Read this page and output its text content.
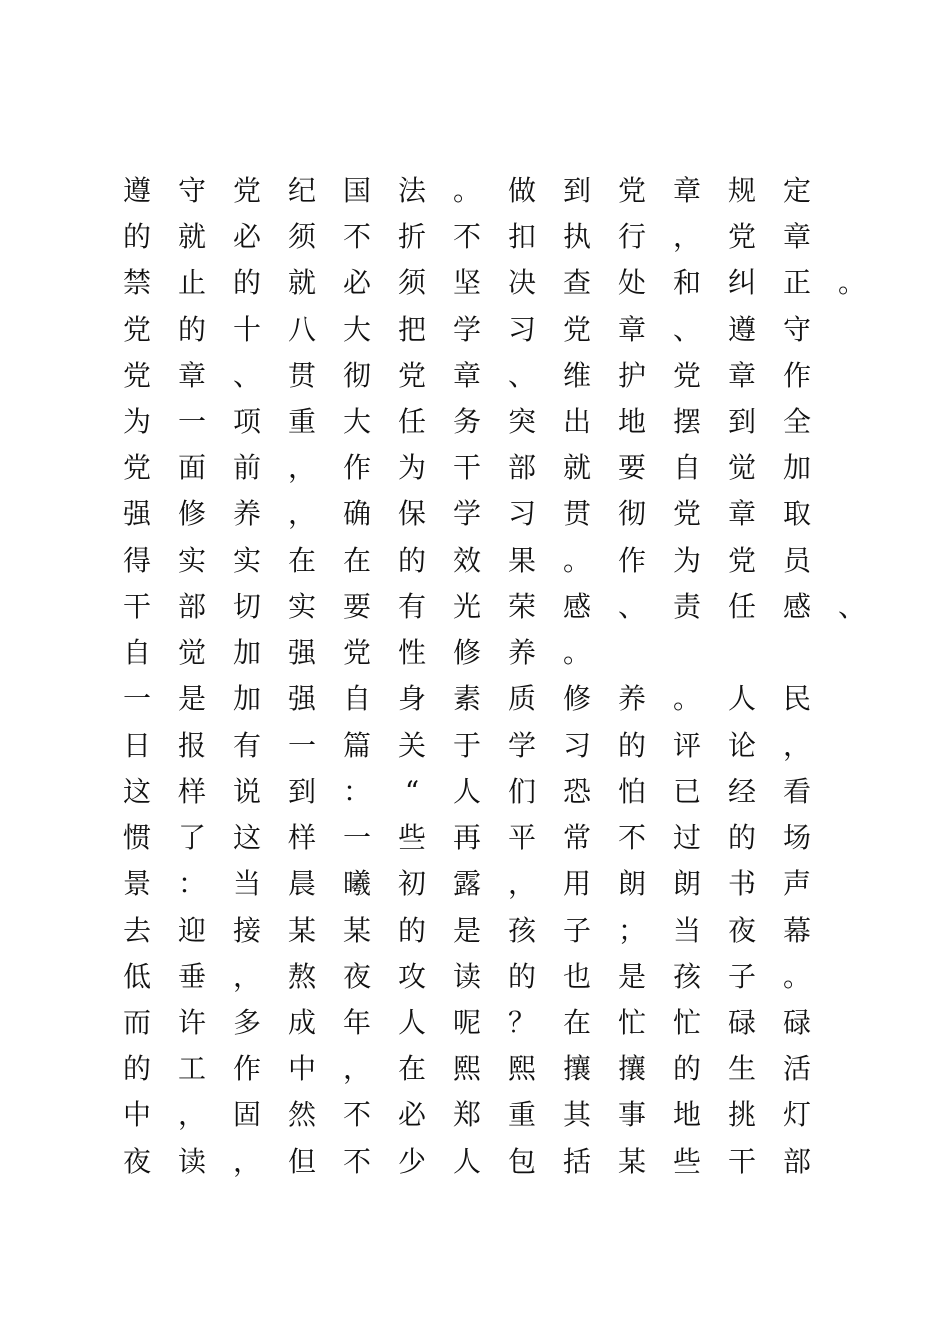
遵 守 党 纪 国 法 。 做 到 党 章 规 定
的 就 必 须 不 折 不 扣 执 行 ， 党 章
禁 止 的 就 必 须 坚 决 查 处 和 纠 正 。
党 的 十 八 大 把 学 习 党 章 、 遵 守
党 章 、 贯 彻 党 章 、 维 护 党 章 作
为 一 项 重 大 任 务 突 出 地 摆 到 全
党 面 前 ， 作 为 干 部 就 要 自 觉 加
强 修 养 ， 确 保 学 习 贯 彻 党 章 取
得 实 实 在 在 的 效 果 。 作 为 党 员
干 部 切 实 要 有 光 荣 感 、 责 任 感 、
自 觉 加 强 党 性 修 养 。
一 是 加 强 自 身 素 质 修 养 。 人 民
日 报 有 一 篇 关 于 学 习 的 评 论 ，
这 样 说 到 ：	“	人 们 恐 怕 已 经 看
惯 了 这 样 一 些 再 平 常 不 过 的 场
景 ： 当 晨 曦 初 露 ， 用 朗 朗 书 声
去 迎 接 某 某 的 是 孩 子 ； 当 夜 幕
低 垂 ， 熬 夜 攻 读 的 也 是 孩 子 。
而 许 多 成 年 人 呢 ？ 在 忙 忙 碌 碌
的 工 作 中 ， 在 熙 熙 攘 攘 的 生 活
中 ， 固 然 不 必 郑 重 其 事 地 挑 灯
夜 读 ， 但 不 少 人 包 括 某 些 干 部
